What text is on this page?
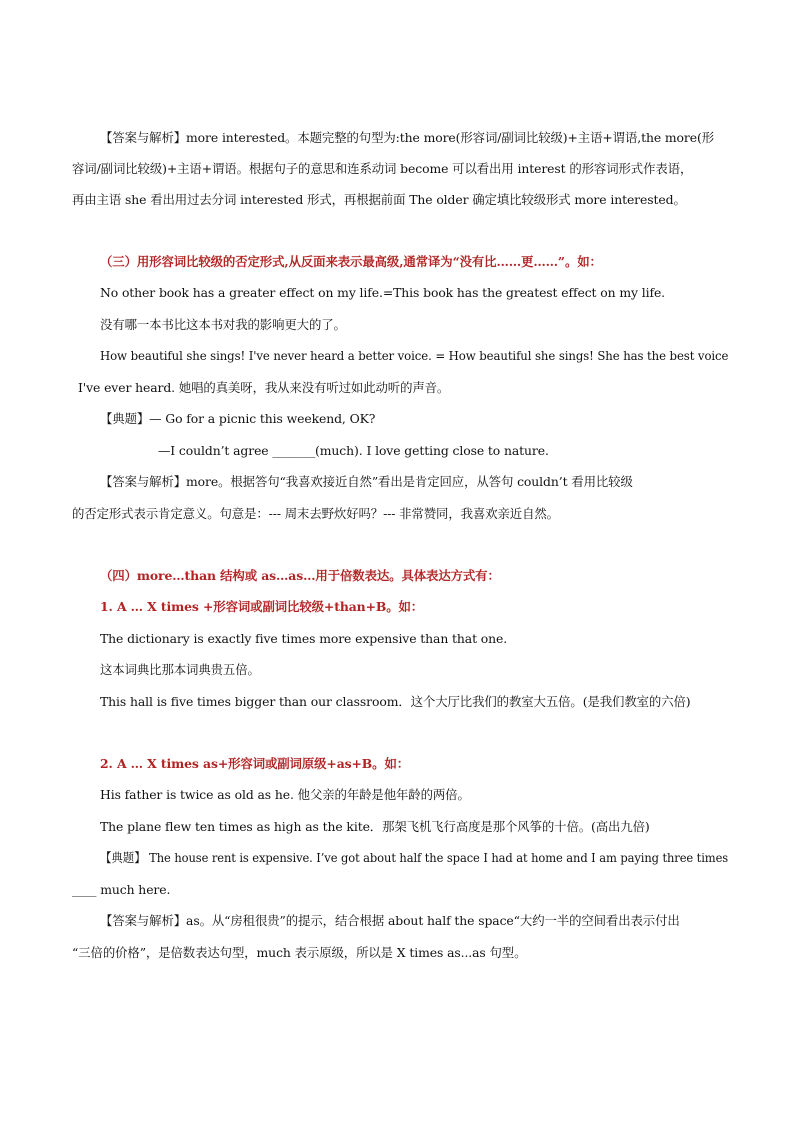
【答案与解析】more interested。本题完整的句型为:the more(形容词/副词比较级)+主语+谓语,the more(形
容词/副词比较级)+主语+谓语。根据句子的意思和连系动词 become 可以看出用 interest 的形容词形式作表语，
再由主语 she 看出用过去分词 interested 形式，再根据前面 The older 确定填比较级形式 more interested。
（三）用形容词比较级的否定形式,从反面来表示最高级,通常译为“没有比……更……”。如：
No other book has a greater effect on my life.=This book has the greatest effect on my life.
没有哪一本书比这本书对我的影响更大的了。
How beautiful she sings! I've never heard a better voice. = How beautiful she sings! She has the best voice
I've ever heard. 她唱的真美呀，我从来没有听过如此动听的声音。
【典题】— Go for a picnic this weekend, OK?
—I couldn’t agree _______(much). I love getting close to nature.
【答案与解析】more。根据答句“我喜欢接近自然”看出是肯定回应，从答句 couldn’t 看用比较级
的否定形式表示肯定意义。句意是：--- 周末去野炊好吗？--- 非常赞同，我喜欢亲近自然。
（四）more…than 结构或 as…as…用于倍数表达。具体表达方式有：
1. A … X times +形容词或副词比较级+than+B。如：
The dictionary is exactly five times more expensive than that one.
这本词典比那本词典贵五倍。
This hall is five times bigger than our classroom．这个大厅比我们的教室大五倍。(是我们教室的六倍)
2. A … X times as+形容词或副词原级+as+B。如：
His father is twice as old as he. 他父亲的年龄是他年龄的两倍。
The plane flew ten times as high as the kite．那架飞机飞行高度是那个风筝的十倍。(高出九倍)
【典题】 The house rent is expensive. I’ve got about half the space I had at home and I am paying three times
____ much here.
【答案与解析】as。从“房租很贵”的提示，结合根据 about half the space“大约一半的空间看出表示付出
“三倍的价格”，是倍数表达句型，much 表示原级，所以是 X times as...as 句型。
